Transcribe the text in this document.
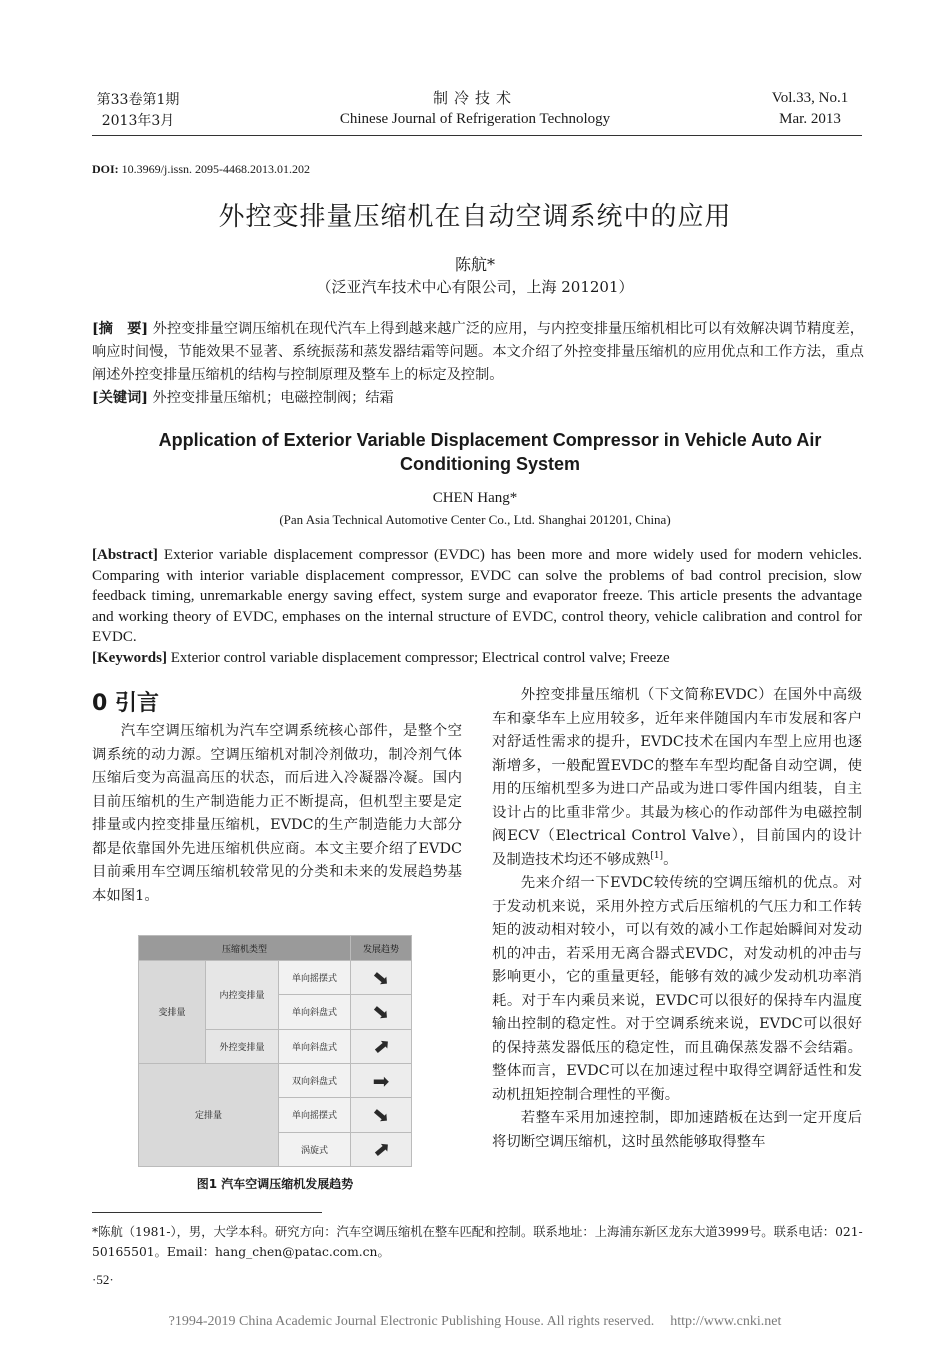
第33卷第1期
2013年3月
制冷技术
Chinese Journal of Refrigeration Technology
Vol.33, No.1
Mar. 2013
DOI: 10.3969/j.issn. 2095-4468.2013.01.202
外控变排量压缩机在自动空调系统中的应用
陈航*
（泛亚汽车技术中心有限公司，上海 201201）
[摘　要] 外控变排量空调压缩机在现代汽车上得到越来越广泛的应用，与内控变排量压缩机相比可以有效解决调节精度差，响应时间慢，节能效果不显著、系统振荡和蒸发器结霜等问题。本文介绍了外控变排量压缩机的应用优点和工作方法，重点阐述外控变排量压缩机的结构与控制原理及整车上的标定及控制。
[关键词] 外控变排量压缩机；电磁控制阀；结霜
Application of Exterior Variable Displacement Compressor in Vehicle Auto Air Conditioning System
CHEN Hang*
(Pan Asia Technical Automotive Center Co., Ltd. Shanghai 201201, China)
[Abstract] Exterior variable displacement compressor (EVDC) has been more and more widely used for modern vehicles. Comparing with interior variable displacement compressor, EVDC can solve the problems of bad control precision, slow feedback timing, unremarkable energy saving effect, system surge and evaporator freeze. This article presents the advantage and working theory of EVDC, emphases on the internal structure of EVDC, control theory, vehicle calibration and control for EVDC.
[Keywords] Exterior control variable displacement compressor; Electrical control valve; Freeze
0 引言

汽车空调压缩机为汽车空调系统核心部件，是整个空调系统的动力源。空调压缩机对制冷剂做功，制冷剂气体压缩后变为高温高压的状态，而后进入冷凝器冷凝。国内目前压缩机的生产制造能力正不断提高，但机型主要是定排量或内控变排量压缩机，EVDC的生产制造能力大部分都是依靠国外先进压缩机供应商。本文主要介绍了EVDC目前乘用车空调压缩机较常见的分类和未来的发展趋势基本如图1。

压缩机类型			发展趋势
变排量	内控变排量	单向摇摆式	➡
		单向斜盘式	➡
	外控变排量	单向斜盘式	➡
定排量		双向斜盘式	➡
		单向摇摆式	➡
		涡旋式	➡
图1 汽车空调压缩机发展趋势

外控变排量压缩机（下文简称EVDC）在国外中高级车和豪华车上应用较多，近年来伴随国内车市发展和客户对舒适性需求的提升，EVDC技术在国内车型上应用也逐渐增多，一般配置EVDC的整车车型均配备自动空调，使用的压缩机型多为进口产品或为进口零件国内组装，自主设计占的比重非常少。其最为核心的作动部件为电磁控制阀ECV（Electrical Control Valve），目前国内的设计及制造技术均还不够成熟[1]。

先来介绍一下EVDC较传统的空调压缩机的优点。对于发动机来说，采用外控方式后压缩机的气压力和工作转矩的波动相对较小，可以有效的减小工作起始瞬间对发动机的冲击，若采用无离合器式EVDC，对发动机的冲击与影响更小，它的重量更轻，能够有效的减少发动机功率消耗。对于车内乘员来说，EVDC可以很好的保持车内温度输出控制的稳定性。对于空调系统来说，EVDC可以很好的保持蒸发器低压的稳定性，而且确保蒸发器不会结霜。整体而言，EVDC可以在加速过程中取得空调舒适性和发动机扭矩控制合理性的平衡。

若整车采用加速控制，即加速踏板在达到一定开度后将切断空调压缩机，这时虽然能够取得整车

*陈航（1981-），男，大学本科。研究方向：汽车空调压缩机在整车匹配和控制。联系地址：上海浦东新区龙东大道3999号。联系电话：021-50165501。Email：hang_chen@patac.com.cn。
·52·
?1994-2019 China Academic Journal Electronic Publishing House. All rights reserved. http://www.cnki.net
